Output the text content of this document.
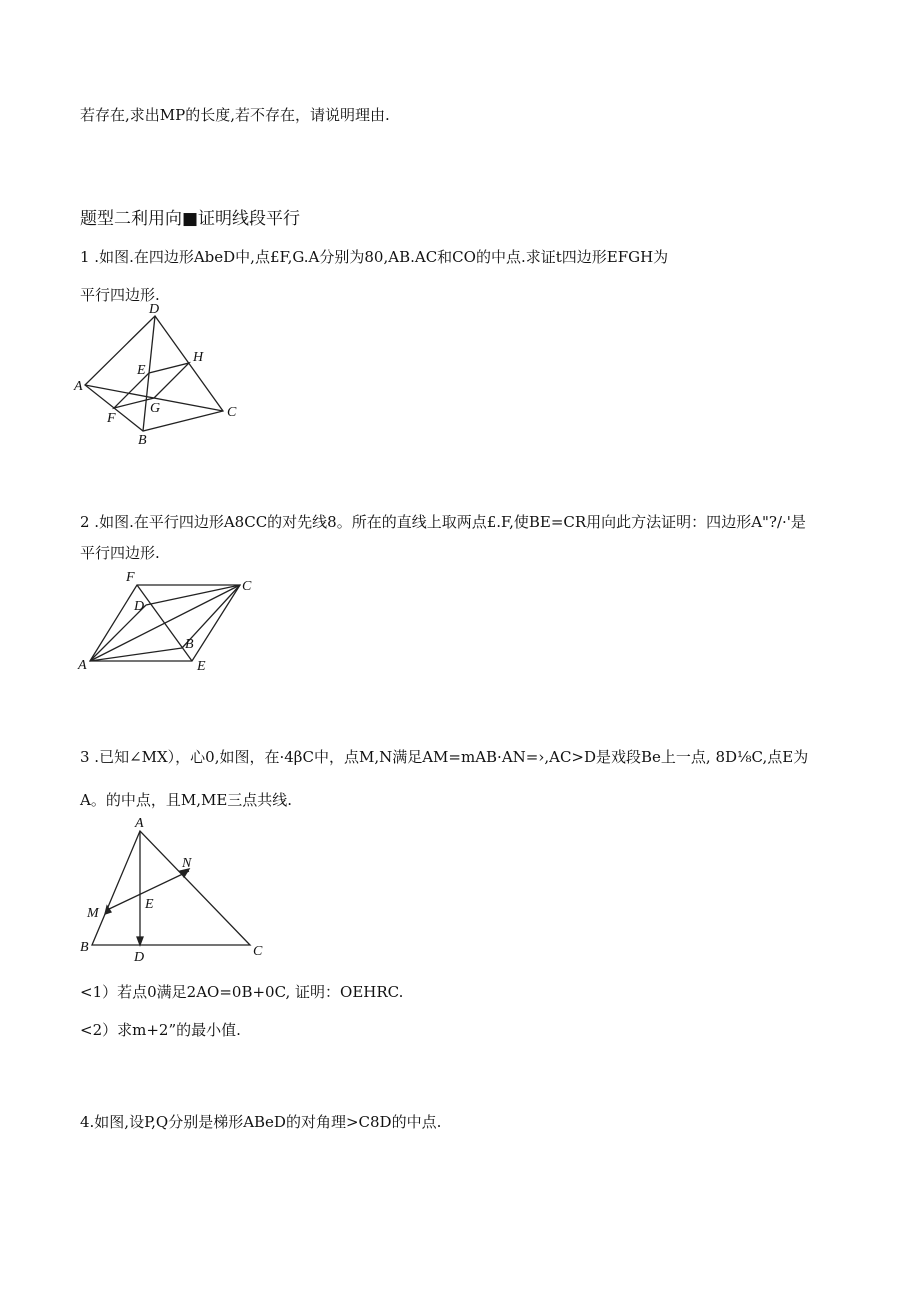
若存在,求出MP的长度,若不存在，请说明理由.
题型二利用向■证明线段平行
1 .如图.在四边形AbeD中,点£F,G.A分别为80,AB.AC和CO的中点.求证t四边形EFGH为
平行四边形.
D
H
E
A
G	C
F
B
2 .如图.在平行四边形A8CC的对先线8。所在的直线上取两点£.F,使BE=CR用向此方法证明：四边形A"?/·'是
平行四边形.
F
C
D
B
A	E
3 .已知∠MX），心0,如图，在·4βC中，点M,N满足AM=mAB·AN=›,AC>D是戏段Be上一点, 8D⅛C,点E为
A。的中点，且M,ME三点共线.
A
N
E
M
B
D	C
<1）若点0满足2AO=0B+0C, 证明：OEHRC.
<2）求m+2”的最小值.
4.如图,设P,Q分别是梯形ABeD的对角理>C8D的中点.
